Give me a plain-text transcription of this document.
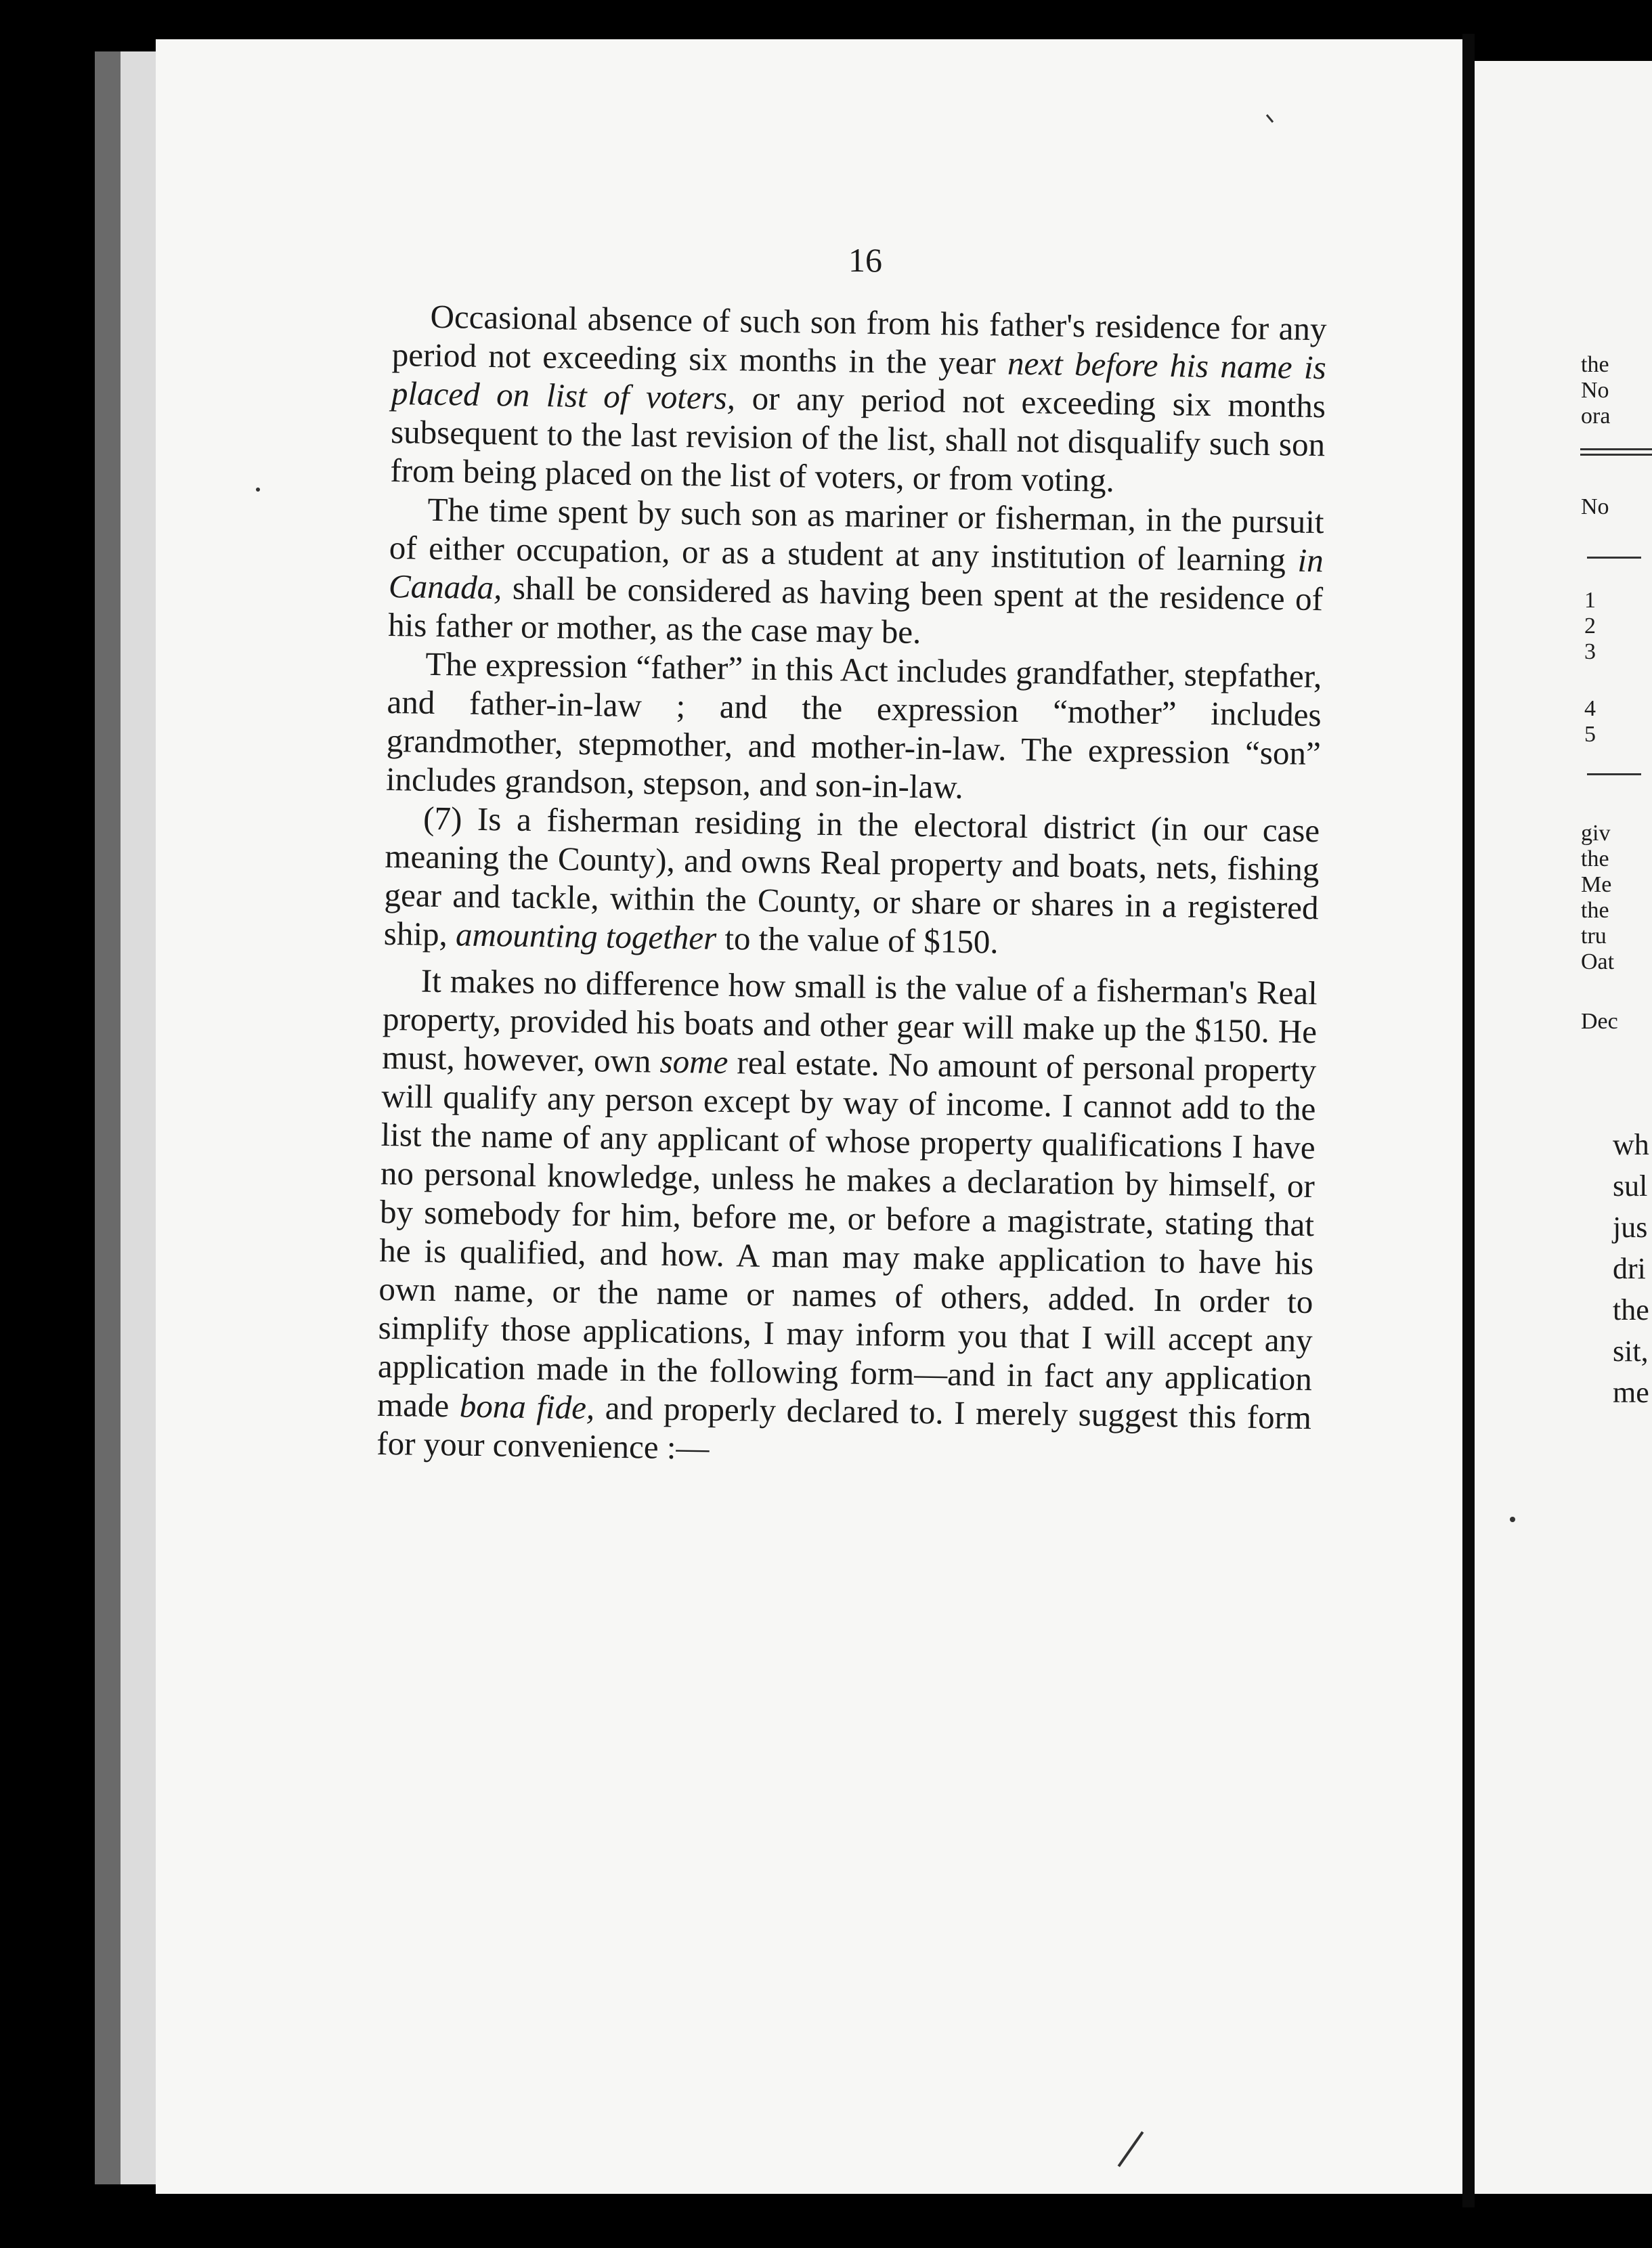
16

Occasional absence of such son from his father's residence for any period not exceeding six months in the year next before his name is placed on list of voters, or any period not exceeding six months subsequent to the last revision of the list, shall not disqualify such son from being placed on the list of voters, or from voting.

The time spent by such son as mariner or fisherman, in the pursuit of either occupation, or as a student at any institution of learning in Canada, shall be considered as having been spent at the residence of his father or mother, as the case may be.

The expression “father” in this Act includes grandfather, stepfather, and father-in-law ; and the expression “mother” includes grandmother, stepmother, and mother-in-law. The expression “son” includes grandson, stepson, and son-in-law.

(7) Is a fisherman residing in the electoral district (in our case meaning the County), and owns Real property and boats, nets, fishing gear and tackle, within the County, or share or shares in a registered ship, amounting together to the value of $150.

It makes no difference how small is the value of a fisherman's Real property, provided his boats and other gear will make up the $150. He must, however, own some real estate. No amount of personal property will qualify any person except by way of income. I cannot add to the list the name of any applicant of whose property qualifications I have no personal knowledge, unless he makes a declaration by himself, or by somebody for him, before me, or before a magistrate, stating that he is qualified, and how. A man may make application to have his own name, or the name or names of others, added. In order to simplify those applications, I may inform you that I will accept any application made in the following form—and in fact any application made bona fide, and properly declared to. I merely suggest this form for your convenience :—

the
No
ora
No
1
2
3
4
5
giv
the
Me
the
tru
Oat
Dec
wh
sul
jus
dri
the
sit,
me
